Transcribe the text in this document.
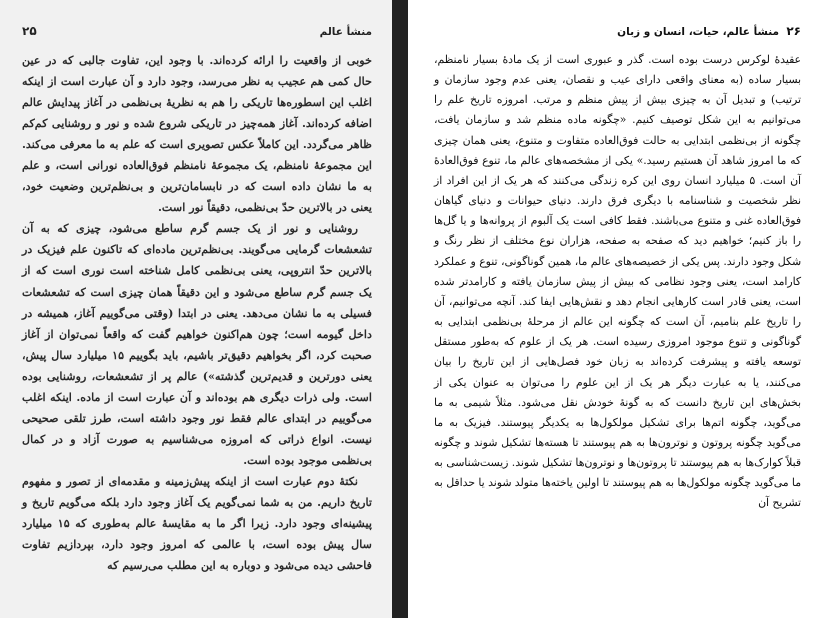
منشأ عالم
۲۵

خوبی از واقعیت را ارائه کرده‌اند. با وجود این، تفاوت جالبی که در عین حال کمی هم عجیب به نظر می‌رسد، وجود دارد و آن عبارت است از اینکه اغلب این اسطوره‌ها تاریکی را هم به نظریهٔ بی‌نظمی در آغاز پیدایش عالم اضافه کرده‌اند. آغاز همه‌چیز در تاریکی شروع شده و نور و روشنایی کم‌کم ظاهر می‌گردد. این کاملاً عکس تصویری است که علم به ما معرفی می‌کند. این مجموعهٔ نامنظم، یک مجموعهٔ نامنظم فوق‌العاده نورانی است، و علم به ما نشان داده است که در نابسامان‌ترین و بی‌نظم‌ترین وضعیت خود، یعنی در بالاترین حدّ بی‌نظمی، دقیقاً نور است.

روشنایی و نور از یک جسم گرم ساطع می‌شود، چیزی که به آن تشعشعات گرمایی می‌گویند. بی‌نظم‌ترین ماده‌ای که تاکنون علم فیزیک در بالاترین حدّ انتروپی، یعنی بی‌نظمی کامل شناخته است نوری است که از یک جسم گرم ساطع می‌شود و این دقیقاً همان چیزی است که تشعشعات فسیلی به ما نشان می‌دهد. یعنی در ابتدا (وقتی می‌گوییم آغاز، همیشه در داخل گیومه است؛ چون هم‌اکنون خواهیم گفت که واقعاً نمی‌توان از آغاز صحبت کرد، اگر بخواهیم دقیق‌تر باشیم، باید بگوییم ۱۵ میلیارد سال پیش، یعنی دورترین و قدیم‌ترین گذشته») عالم پر از تشعشعات، روشنایی بوده است. ولی ذرات دیگری هم بوده‌اند و آن عبارت است از ماده. اینکه اغلب می‌گوییم در ابتدای عالم فقط نور وجود داشته است، طرز تلقی صحیحی نیست. انواع ذراتی که امروزه می‌شناسیم به صورت آزاد و در کمال بی‌نظمی موجود بوده است.

نکتهٔ دوم عبارت است از اینکه پیش‌زمینه و مقدمه‌ای از تصور و مفهوم تاریخ داریم. من به شما نمی‌گویم یک آغاز وجود دارد بلکه می‌گویم تاریخ و پیشینه‌ای وجود دارد. زیرا اگر ما به مقایسهٔ عالم به‌طوری که ۱۵ میلیارد سال پیش بوده است، با عالمی که امروز وجود دارد، بپردازیم تفاوت فاحشی دیده می‌شود و دوباره به این مطلب می‌رسیم که

۲۶  منشأ عالم، حیات، انسان و زبان

عقیدهٔ لوکرس درست بوده است. گذر و عبوری است از یک مادهٔ بسیار نامنظم، بسیار ساده (به معنای واقعی دارای عیب و نقصان، یعنی عدم وجود سازمان و ترتیب) و تبدیل آن به چیزی بیش از پیش منظم و مرتب. امروزه تاریخ علم را می‌توانیم به این شکل توصیف کنیم. «چگونه ماده منظم شد و سازمان یافت، چگونه از بی‌نظمی ابتدایی به حالت فوق‌العاده متفاوت و متنوع، یعنی همان چیزی که ما امروز شاهد آن هستیم رسید.» یکی از مشخصه‌های عالم ما، تنوع فوق‌العادهٔ آن است. ۵ میلیارد انسان روی این کره زندگی می‌کنند که هر یک از این افراد از نظر شخصیت و شناسنامه با دیگری فرق دارند. دنیای حیوانات و دنیای گیاهان فوق‌العاده غنی و متنوع می‌باشند. فقط کافی است یک آلبوم از پروانه‌ها و یا گل‌ها را باز کنیم؛ خواهیم دید که صفحه به صفحه، هزاران نوع مختلف از نظر رنگ و شکل وجود دارند. پس یکی از خصیصه‌های عالم ما، همین گوناگونی، تنوع و عملکرد کارامد است، یعنی وجود نظامی که بیش از پیش سازمان یافته و کارامدتر شده است، یعنی قادر است کارهایی انجام دهد و نقش‌هایی ایفا کند. آنچه می‌توانیم، آن را تاریخ علم بنامیم، آن است که چگونه این عالم از مرحلهٔ بی‌نظمی ابتدایی به گوناگونی و تنوع موجود امروزی رسیده است. هر یک از علوم که به‌طور مستقل توسعه یافته و پیشرفت کرده‌اند به زبان خود فصل‌هایی از این تاریخ را بیان می‌کنند، یا به عبارت دیگر هر یک از این علوم را می‌توان به عنوان یکی از بخش‌های این تاریخ دانست که به گونهٔ خودش نقل می‌شود. مثلاً شیمی به ما می‌گوید، چگونه اتم‌ها برای تشکیل مولکول‌ها به یکدیگر پیوستند. فیزیک به ما می‌گوید چگونه پروتون و نوترون‌ها به هم پیوستند تا هسته‌ها تشکیل شوند و چگونه قبلاً کوارک‌ها به هم پیوستند تا پروتون‌ها و نوترون‌ها تشکیل شوند. زیست‌شناسی به ما می‌گوید چگونه مولکول‌ها به هم پیوستند تا اولین یاخته‌ها متولد شوند یا حداقل به تشریح آن
